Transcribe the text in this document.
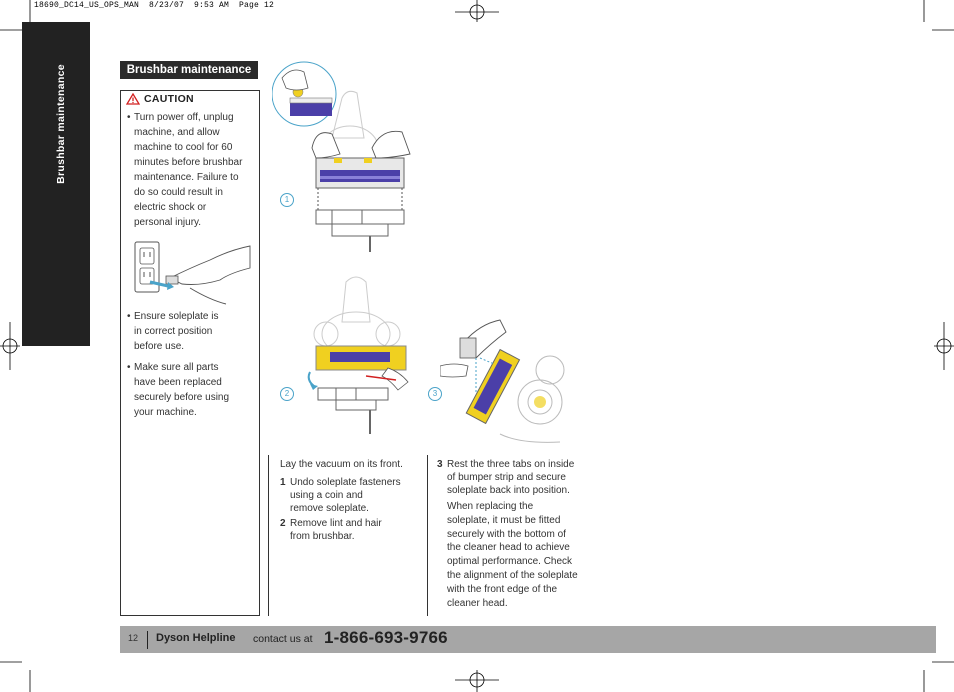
18690_DC14_US_OPS_MAN  8/23/07  9:53 AM  Page 12
Brushbar maintenance	Brushbar maintenance
CAUTION
• Turn power off, unplug
machine, and allow
machine to cool for 60
minutes before brushbar
maintenance. Failure to
do so could result in
electric shock or
personal injury.
• Ensure soleplate is
in correct position
before use.
• Make sure all parts
have been replaced
securely before using
your machine.
1
2	3
Lay the vacuum on its front.
1 Undo soleplate fasteners
using a coin and
remove soleplate.
2 Remove lint and hair
from brushbar.
3 Rest the three tabs on inside
of bumper strip and secure
soleplate back into position.
When replacing the
soleplate, it must be fitted
securely with the bottom of
the cleaner head to achieve
optimal performance. Check
the alignment of the soleplate
with the front edge of the
cleaner head.
12 Dyson Helpline contact us at 1-866-693-9766
